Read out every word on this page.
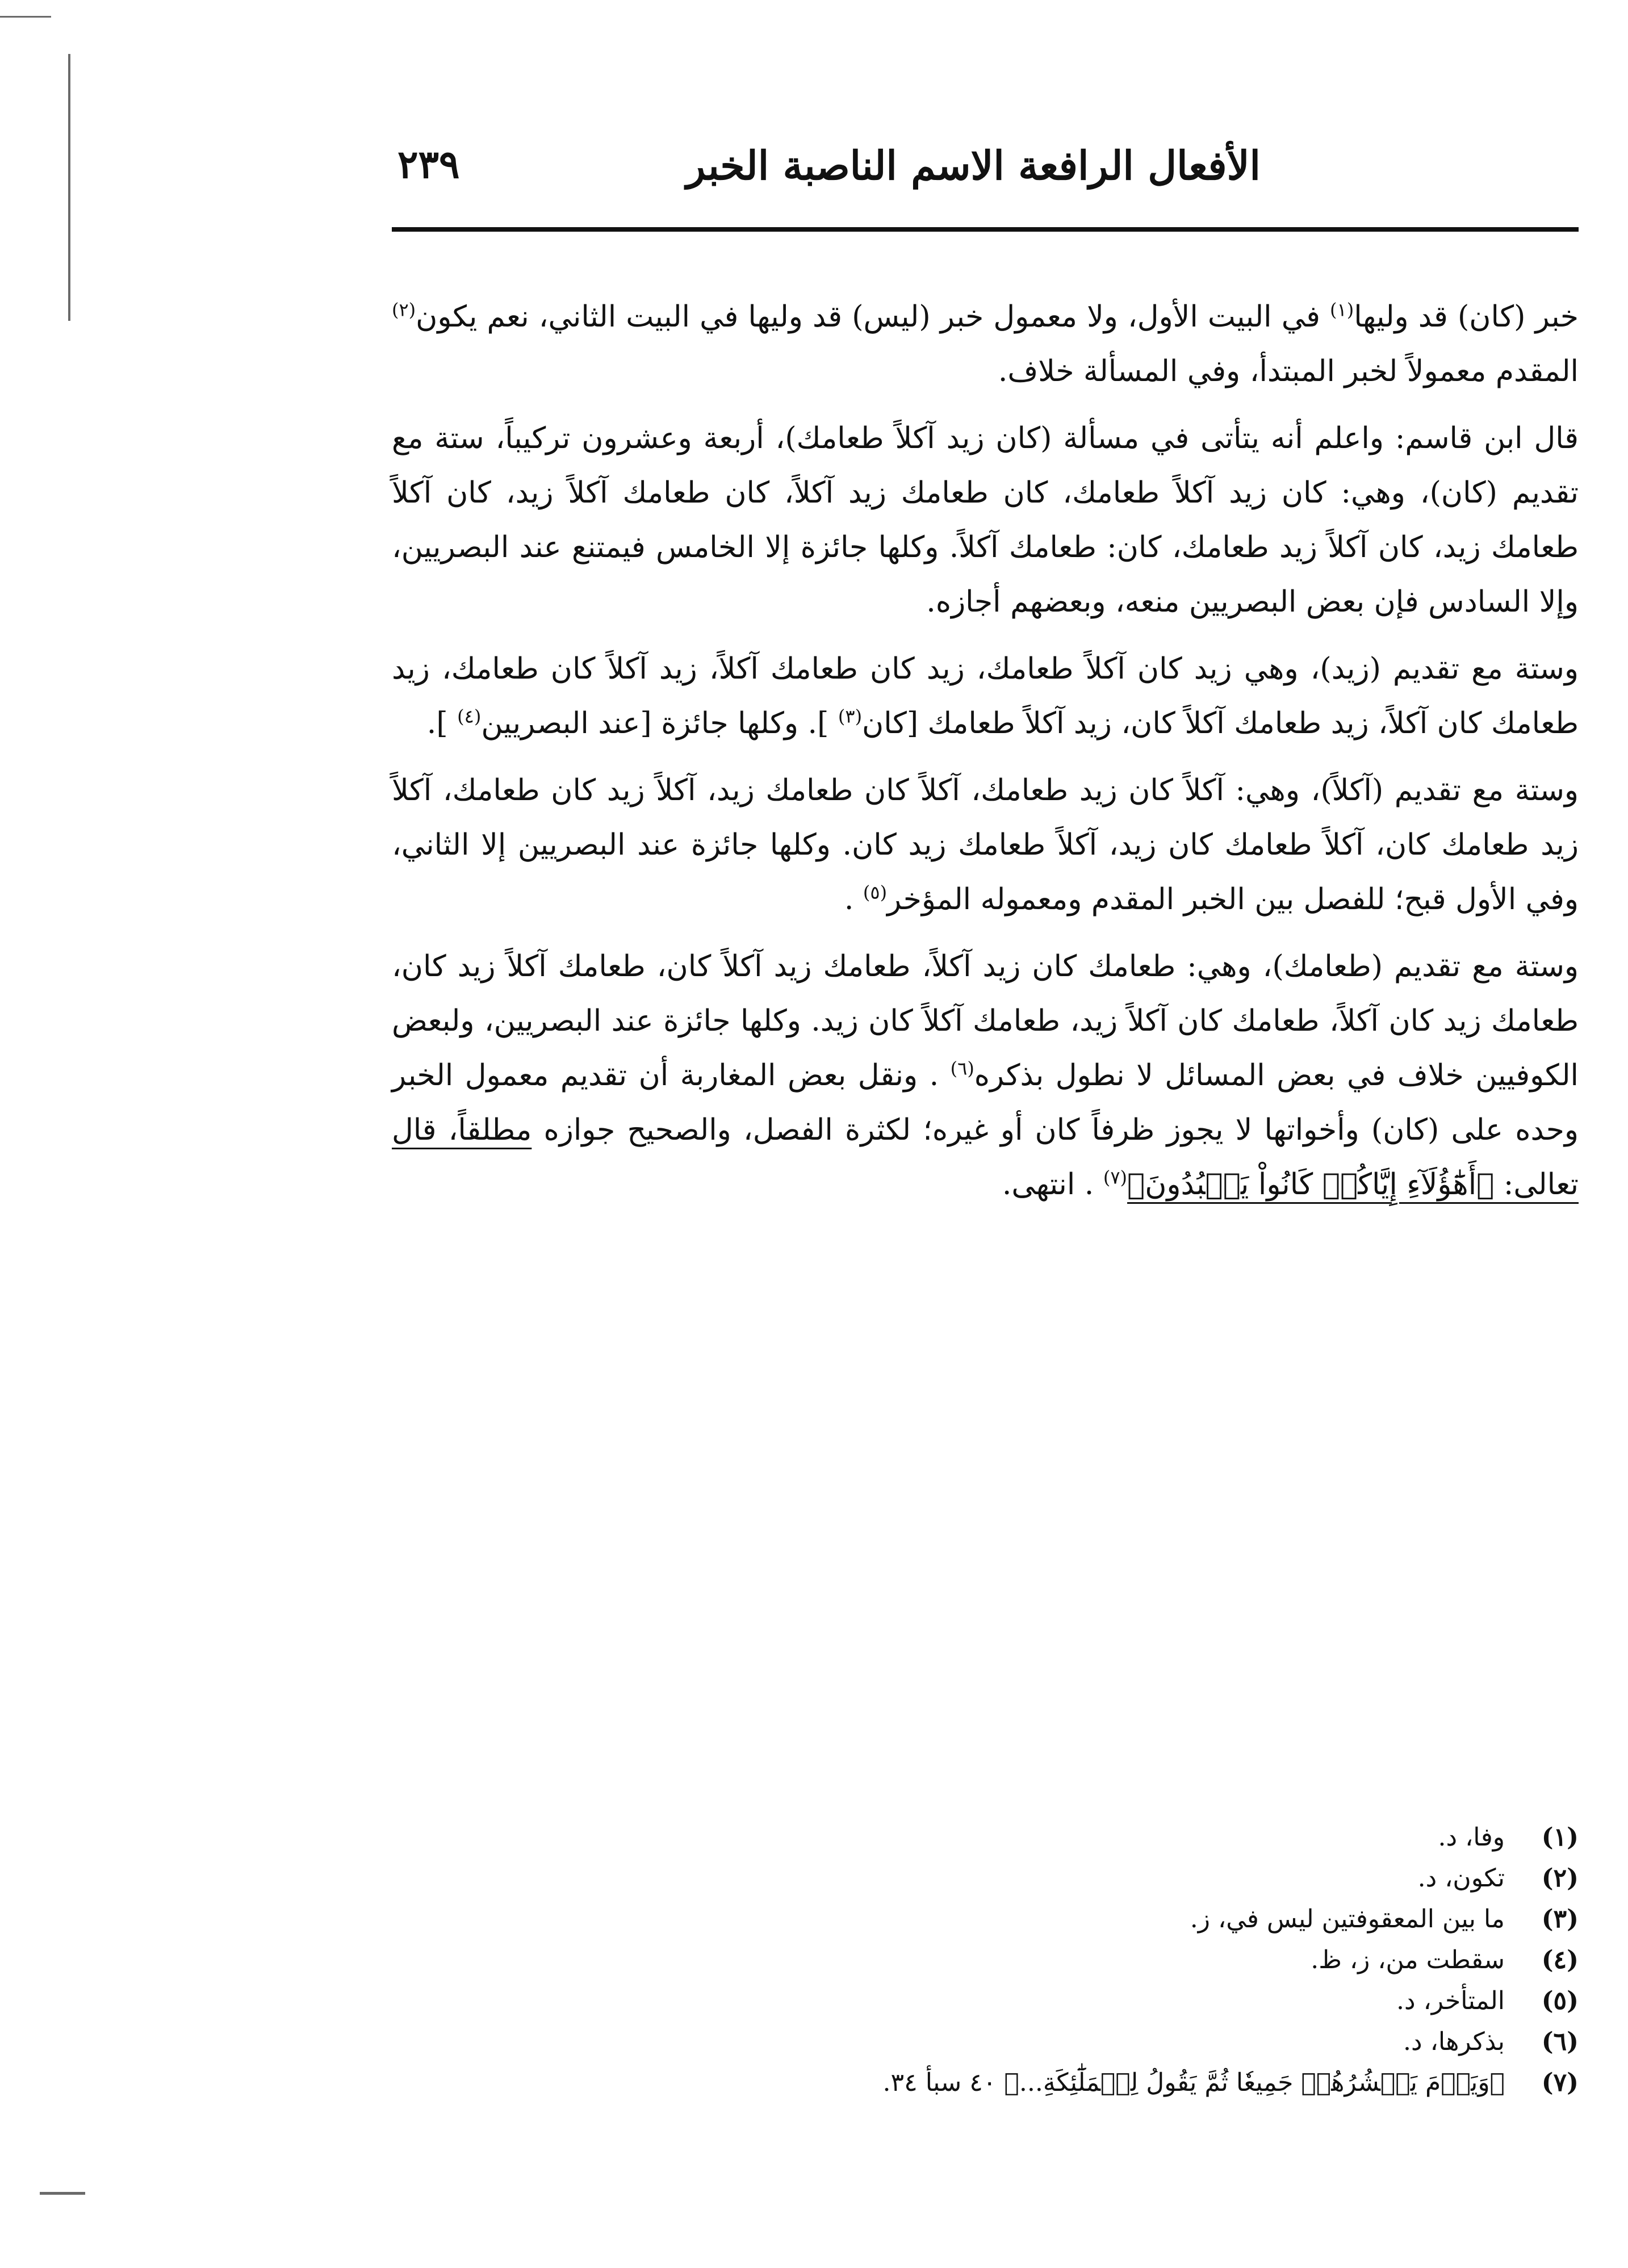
الأفعال الرافعة الاسم الناصبة الخبر
٢٣٩

خبر (كان) قد وليها$^{(١)}$ في البيت الأول، ولا معمول خبر (ليس) قد وليها في البيت الثاني، نعم يكون$^{(٢)}$ المقدم معمولاً لخبر المبتدأ، وفي المسألة خلاف.

قال ابن قاسم: واعلم أنه يتأتى في مسألة (كان زيد آكلاً طعامك)، أربعة وعشرون تركيباً، ستة مع تقديم (كان)، وهي: كان زيد آكلاً طعامك، كان طعامك زيد آكلاً، كان طعامك آكلاً زيد، كان آكلاً طعامك زيد، كان آكلاً زيد طعامك، كان: طعامك آكلاً. وكلها جائزة إلا الخامس فيمتنع عند البصريين، وإلا السادس فإن بعض البصريين منعه، وبعضهم أجازه.

وستة مع تقديم (زيد)، وهي زيد كان آكلاً طعامك، زيد كان طعامك آكلاً، زيد آكلاً كان طعامك، زيد طعامك كان آكلاً، زيد طعامك آكلاً كان، زيد آكلاً طعامك [كان$^{(٣)}$ ]. وكلها جائزة [عند البصريين$^{(٤)}$ ].

وستة مع تقديم (آكلاً)، وهي: آكلاً كان زيد طعامك، آكلاً كان طعامك زيد، آكلاً زيد كان طعامك، آكلاً زيد طعامك كان، آكلاً طعامك كان زيد، آكلاً طعامك زيد كان. وكلها جائزة عند البصريين إلا الثاني، وفي الأول قبح؛ للفصل بين الخبر المقدم ومعموله المؤخر$^{(٥)}$ .

وستة مع تقديم (طعامك)، وهي: طعامك كان زيد آكلاً، طعامك زيد آكلاً كان، طعامك آكلاً زيد كان، طعامك زيد كان آكلاً، طعامك كان آكلاً زيد، طعامك آكلاً كان زيد. وكلها جائزة عند البصريين، ولبعض الكوفيين خلاف في بعض المسائل لا نطول بذكره$^{(٦)}$ . ونقل بعض المغاربة أن تقديم معمول الخبر وحده على (كان) وأخواتها لا يجوز ظرفاً كان أو غيره؛ لكثرة الفصل، والصحيح جوازه مطلقاً، قال تعالى: ﴿أَهَٰٓؤُلَآءِ إِيَّاكُمۡ كَانُواْ يَعۡبُدُونَ﴾$^{(٧)}$ . انتهى.

(١)
وفا، د.

(٢)
تكون، د.

(٣)
ما بين المعقوفتين ليس في، ز.

(٤)
سقطت من، ز، ظ.

(٥)
المتأخر، د.

(٦)
بذكرها، د.

(٧)
﴿وَيَوۡمَ يَحۡشُرُهُمۡ جَمِيعٗا ثُمَّ يَقُولُ لِلۡمَلَٰٓئِكَةِ...﴾ ٤٠ سبأ ٣٤.
